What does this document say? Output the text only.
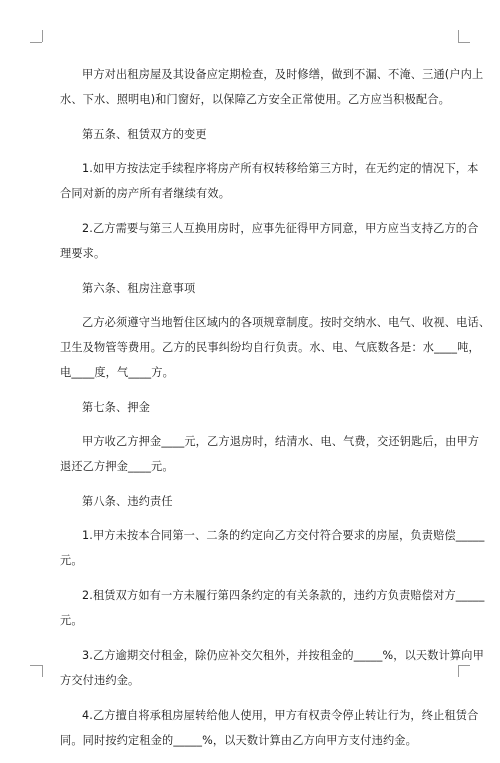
甲方对出租房屋及其设备应定期检查，及时修缮，做到不漏、不淹、三通(户内上
水、下水、照明电)和门窗好，以保障乙方安全正常使用。乙方应当积极配合。
第五条、租赁双方的变更
1.如甲方按法定手续程序将房产所有权转移给第三方时，在无约定的情况下，本
合同对新的房产所有者继续有效。
2.乙方需要与第三人互换用房时，应事先征得甲方同意，甲方应当支持乙方的合
理要求。
第六条、租房注意事项
乙方必须遵守当地暂住区域内的各项规章制度。按时交纳水、电气、收视、电话、
卫生及物管等费用。乙方的民事纠纷均自行负责。水、电、气底数各是：水____吨，
电____度，气____方。
第七条、押金
甲方收乙方押金____元，乙方退房时，结清水、电、气费，交还钥匙后，由甲方
退还乙方押金____元。
第八条、违约责任
1.甲方未按本合同第一、二条的约定向乙方交付符合要求的房屋，负责赔偿_____
元。
2.租赁双方如有一方未履行第四条约定的有关条款的，违约方负责赔偿对方_____
元。
3.乙方逾期交付租金，除仍应补交欠租外，并按租金的_____%，以天数计算向甲
方交付违约金。
4.乙方擅自将承租房屋转给他人使用，甲方有权责令停止转让行为，终止租赁合
同。同时按约定租金的_____%，以天数计算由乙方向甲方支付违约金。
